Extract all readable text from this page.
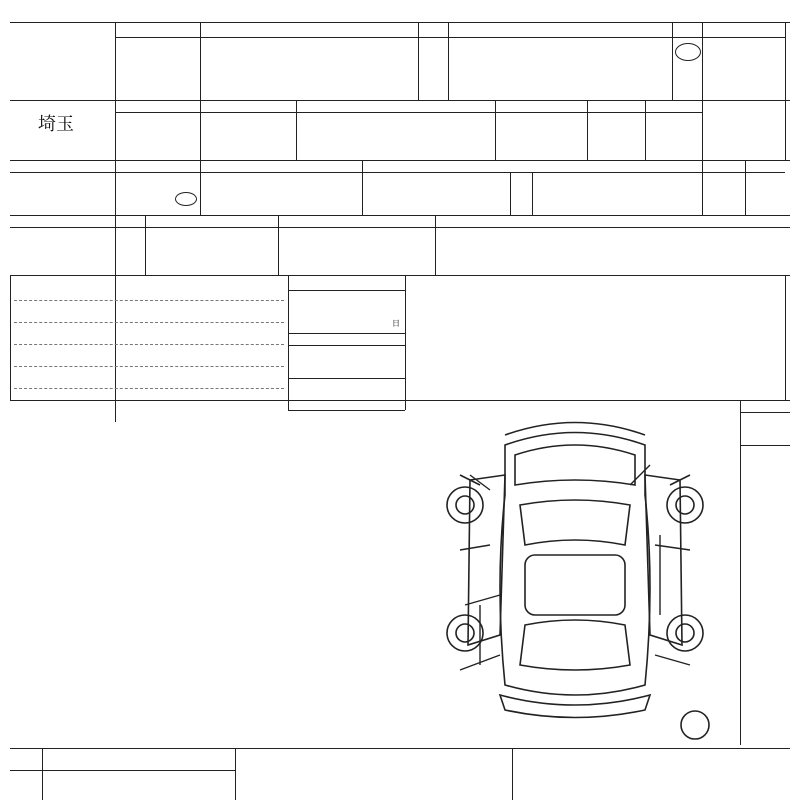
埼玉
日
